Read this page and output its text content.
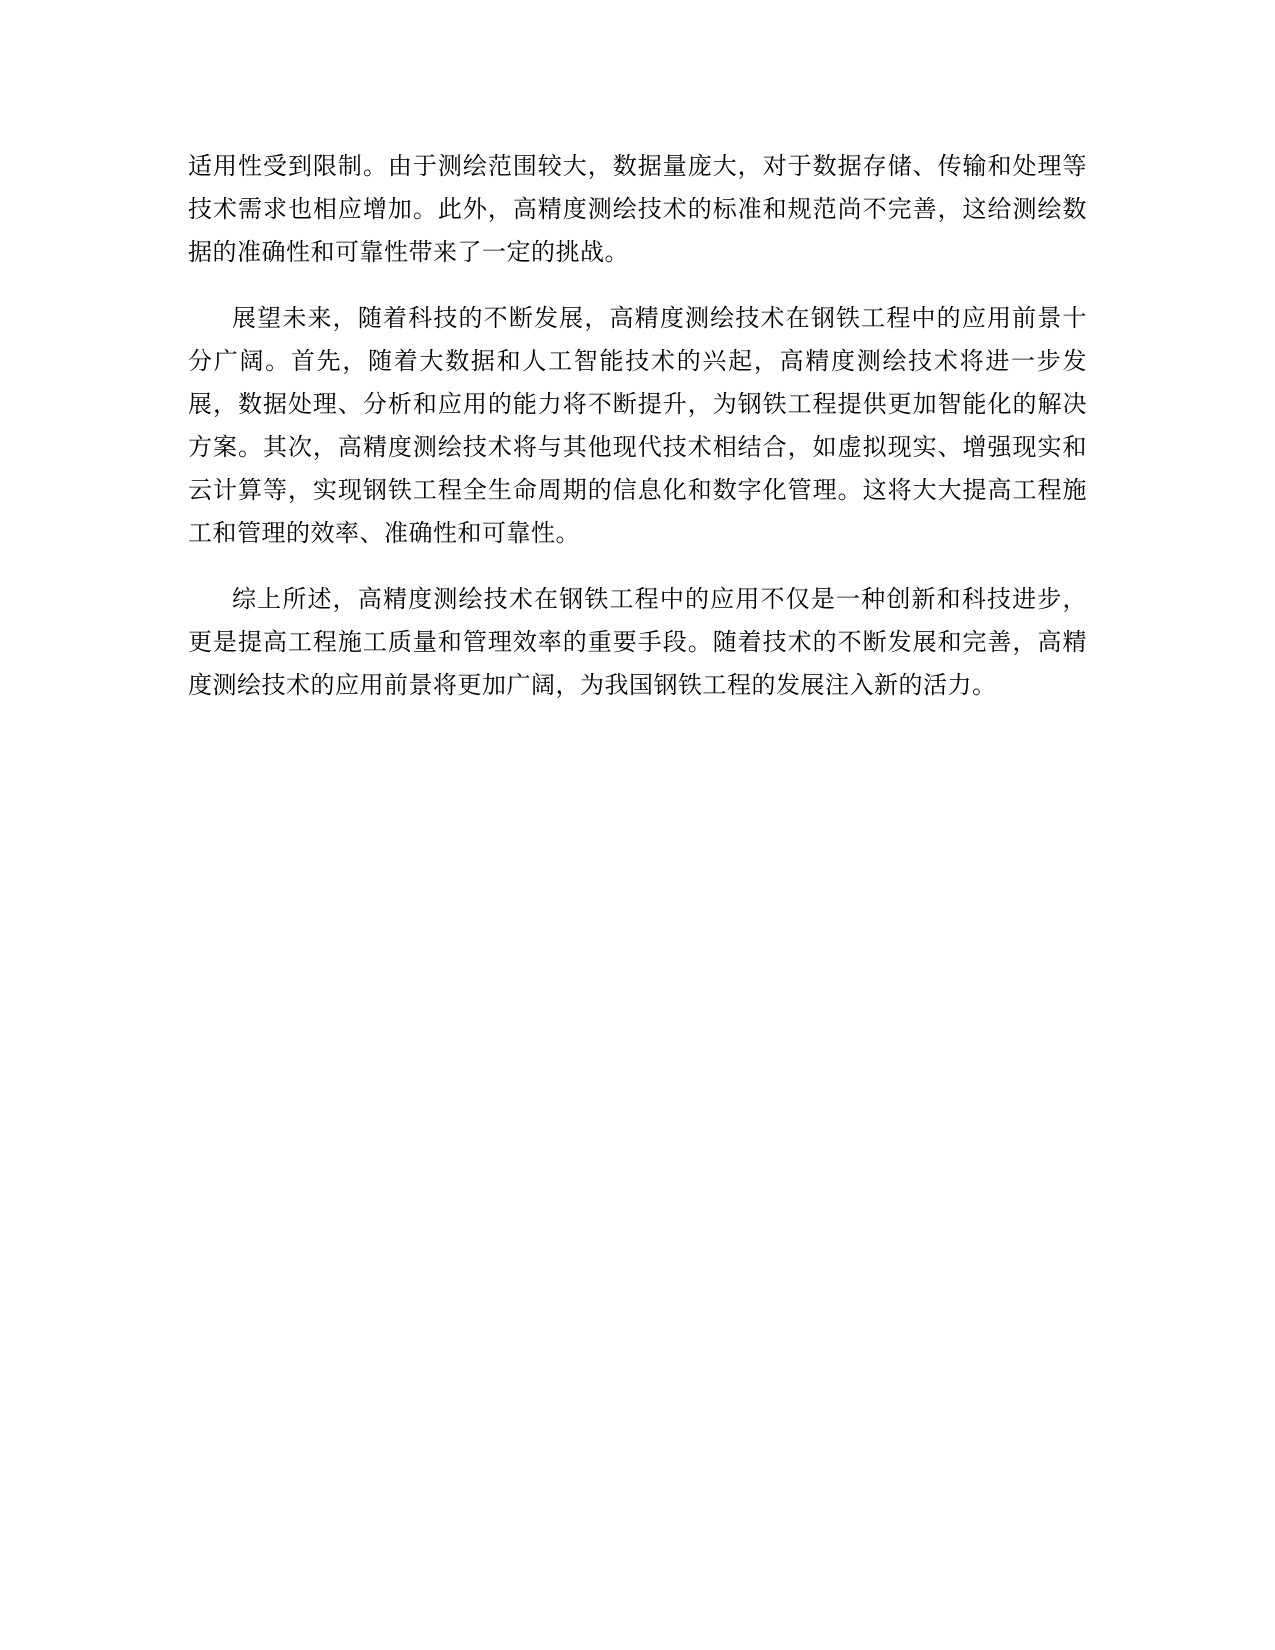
适用性受到限制。由于测绘范围较大，数据量庞大，对于数据存储、传输和处理等技术需求也相应增加。此外，高精度测绘技术的标准和规范尚不完善，这给测绘数据的准确性和可靠性带来了一定的挑战。

展望未来，随着科技的不断发展，高精度测绘技术在钢铁工程中的应用前景十分广阔。首先，随着大数据和人工智能技术的兴起，高精度测绘技术将进一步发展，数据处理、分析和应用的能力将不断提升，为钢铁工程提供更加智能化的解决方案。其次，高精度测绘技术将与其他现代技术相结合，如虚拟现实、增强现实和云计算等，实现钢铁工程全生命周期的信息化和数字化管理。这将大大提高工程施工和管理的效率、准确性和可靠性。

综上所述，高精度测绘技术在钢铁工程中的应用不仅是一种创新和科技进步，更是提高工程施工质量和管理效率的重要手段。随着技术的不断发展和完善，高精度测绘技术的应用前景将更加广阔，为我国钢铁工程的发展注入新的活力。
